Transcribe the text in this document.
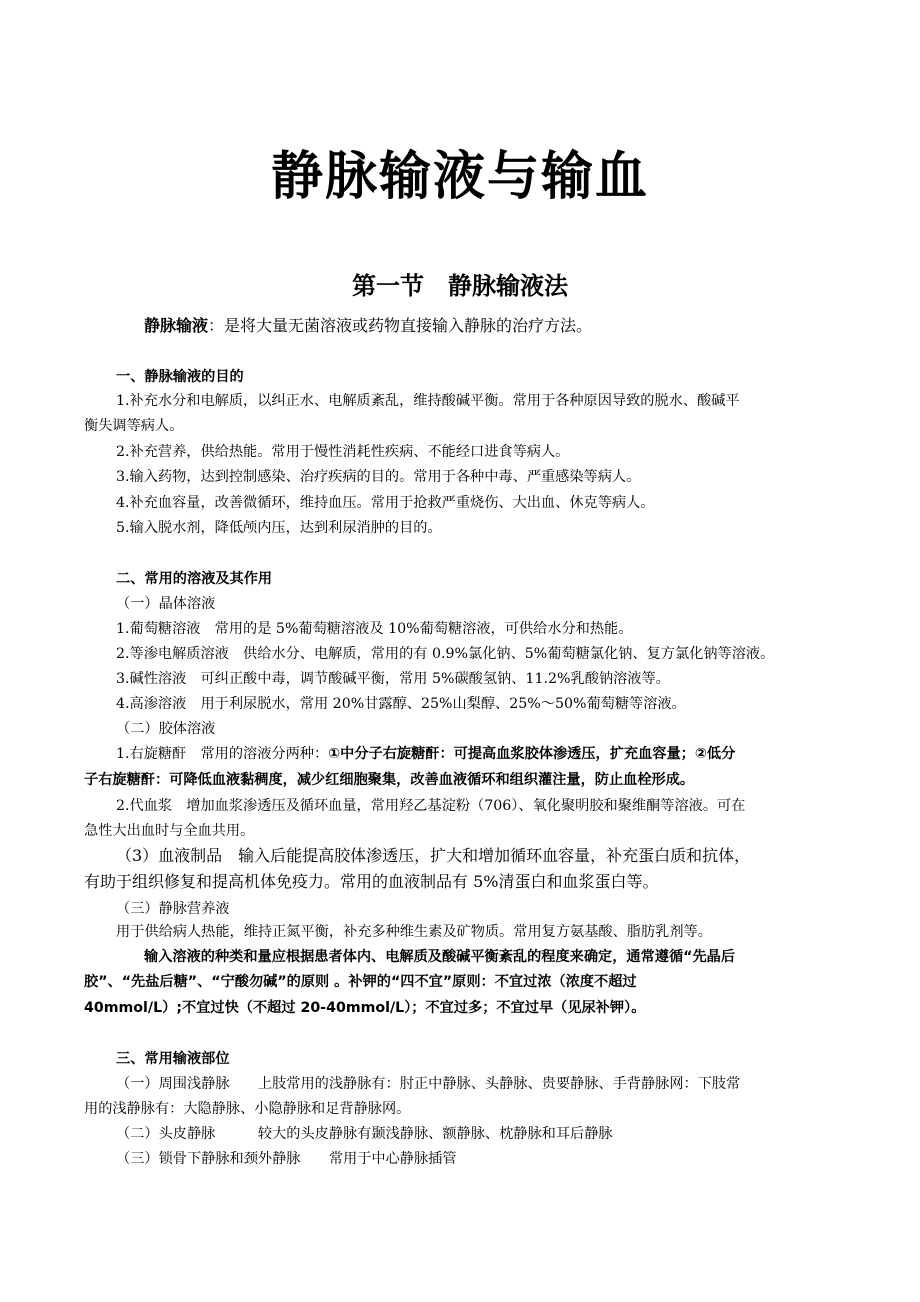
静脉输液与输血
第一节　静脉输液法
静脉输液：是将大量无菌溶液或药物直接输入静脉的治疗方法。
一、静脉输液的目的
1.补充水分和电解质，以纠正水、电解质紊乱，维持酸碱平衡。常用于各种原因导致的脱水、酸碱平
衡失调等病人。
2.补充营养，供给热能。常用于慢性消耗性疾病、不能经口进食等病人。
3.输入药物，达到控制感染、治疗疾病的目的。常用于各种中毒、严重感染等病人。
4.补充血容量，改善微循环，维持血压。常用于抢救严重烧伤、大出血、休克等病人。
5.输入脱水剂，降低颅内压，达到利尿消肿的目的。
二、常用的溶液及其作用
（一）晶体溶液
1.葡萄糖溶液　常用的是 5%葡萄糖溶液及 10%葡萄糖溶液，可供给水分和热能。
2.等渗电解质溶液　供给水分、电解质，常用的有 0.9%氯化钠、5%葡萄糖氯化钠、复方氯化钠等溶液。
3.碱性溶液　可纠正酸中毒，调节酸碱平衡，常用 5%碳酸氢钠、11.2%乳酸钠溶液等。
4.高渗溶液　用于利尿脱水，常用 20%甘露醇、25%山梨醇、25%～50%葡萄糖等溶液。
（二）胶体溶液
1.右旋糖酐　常用的溶液分两种：①中分子右旋糖酐：可提高血浆胶体渗透压，扩充血容量；②低分
子右旋糖酐：可降低血液黏稠度，减少红细胞聚集，改善血液循环和组织灌注量，防止血栓形成。
2.代血浆　增加血浆渗透压及循环血量，常用羟乙基淀粉（706）、氧化聚明胶和聚维酮等溶液。可在
急性大出血时与全血共用。
（3）血液制品　输入后能提高胶体渗透压，扩大和增加循环血容量，补充蛋白质和抗体，
有助于组织修复和提高机体免疫力。常用的血液制品有 5%清蛋白和血浆蛋白等。
（三）静脉营养液
用于供给病人热能，维持正氮平衡，补充多种维生素及矿物质。常用复方氨基酸、脂肪乳剂等。
输入溶液的种类和量应根据患者体内、电解质及酸碱平衡紊乱的程度来确定，通常遵循“先晶后
胶”、“先盐后糖”、“宁酸勿碱”的原则 。补钾的“四不宜”原则：不宜过浓（浓度不超过
40mmol/L）;不宜过快（不超过 20-40mmol/L）；不宜过多；不宜过早（见尿补钾）。
三、常用输液部位
（一）周围浅静脉　　上肢常用的浅静脉有：肘正中静脉、头静脉、贵要静脉、手背静脉网：下肢常
用的浅静脉有：大隐静脉、小隐静脉和足背静脉网。
（二）头皮静脉　　　较大的头皮静脉有颞浅静脉、额静脉、枕静脉和耳后静脉
（三）锁骨下静脉和颈外静脉　　常用于中心静脉插管
